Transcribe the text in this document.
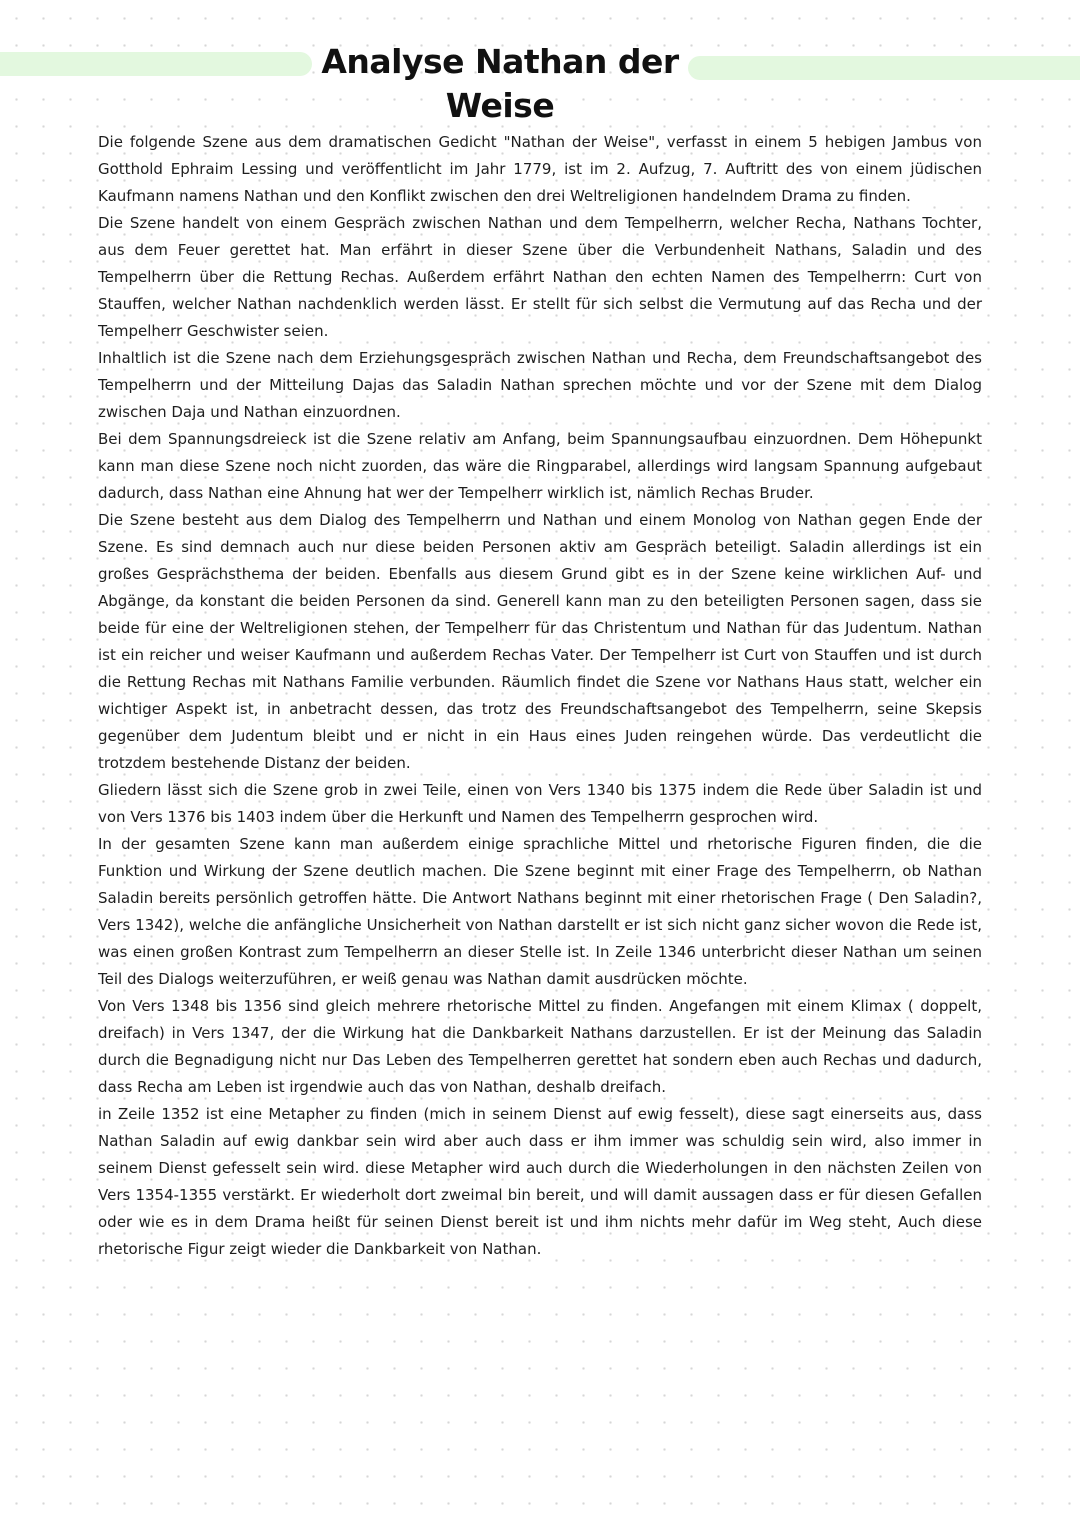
Analyse Nathan der Weise

Die folgende Szene aus dem dramatischen Gedicht "Nathan der Weise", verfasst in einem 5 hebigen Jambus von Gotthold Ephraim Lessing und veröffentlicht im Jahr 1779, ist im 2. Aufzug, 7. Auftritt des von einem jüdischen Kaufmann namens Nathan und den Konflikt zwischen den drei Weltreligionen handelndem Drama zu finden.

Die Szene handelt von einem Gespräch zwischen Nathan und dem Tempelherrn, welcher Recha, Nathans Tochter, aus dem Feuer gerettet hat. Man erfährt in dieser Szene über die Verbundenheit Nathans, Saladin und des Tempelherrn über die Rettung Rechas. Außerdem erfährt Nathan den echten Namen des Tempelherrn: Curt von Stauffen, welcher Nathan nachdenklich werden lässt. Er stellt für sich selbst die Vermutung auf das Recha und der Tempelherr Geschwister seien.

Inhaltlich ist die Szene nach dem Erziehungsgespräch zwischen Nathan und Recha, dem Freundschaftsangebot des Tempelherrn und der Mitteilung Dajas das Saladin Nathan sprechen möchte und vor der Szene mit dem Dialog zwischen Daja und Nathan einzuordnen.

Bei dem Spannungsdreieck ist die Szene relativ am Anfang, beim Spannungsaufbau einzuordnen. Dem Höhepunkt kann man diese Szene noch nicht zuorden, das wäre die Ringparabel, allerdings wird langsam Spannung aufgebaut dadurch, dass Nathan eine Ahnung hat wer der Tempelherr wirklich ist, nämlich Rechas Bruder.

Die Szene besteht aus dem Dialog des Tempelherrn und Nathan und einem Monolog von Nathan gegen Ende der Szene. Es sind demnach auch nur diese beiden Personen aktiv am Gespräch beteiligt. Saladin allerdings ist ein großes Gesprächsthema der beiden. Ebenfalls aus diesem Grund gibt es in der Szene keine wirklichen Auf- und Abgänge, da konstant die beiden Personen da sind. Generell kann man zu den beteiligten Personen sagen, dass sie beide für eine der Weltreligionen stehen, der Tempelherr für das Christentum und Nathan für das Judentum. Nathan ist ein reicher und weiser Kaufmann und außerdem Rechas Vater. Der Tempelherr ist Curt von Stauffen und ist durch die Rettung Rechas mit Nathans Familie verbunden. Räumlich findet die Szene vor Nathans Haus statt, welcher ein wichtiger Aspekt ist, in anbetracht dessen, das trotz des Freundschaftsangebot des Tempelherrn, seine Skepsis gegenüber dem Judentum bleibt und er nicht in ein Haus eines Juden reingehen würde. Das verdeutlicht die trotzdem bestehende Distanz der beiden.

Gliedern lässt sich die Szene grob in zwei Teile, einen von Vers 1340 bis 1375 indem die Rede über Saladin ist und von Vers 1376 bis 1403 indem über die Herkunft und Namen des Tempelherrn gesprochen wird.

In der gesamten Szene kann man außerdem einige sprachliche Mittel und rhetorische Figuren finden, die die Funktion und Wirkung der Szene deutlich machen. Die Szene beginnt mit einer Frage des Tempelherrn, ob Nathan Saladin bereits persönlich getroffen hätte. Die Antwort Nathans beginnt mit einer rhetorischen Frage ( Den Saladin?, Vers 1342), welche die anfängliche Unsicherheit von Nathan darstellt er ist sich nicht ganz sicher wovon die Rede ist, was einen großen Kontrast zum Tempelherrn an dieser Stelle ist. In Zeile 1346 unterbricht dieser Nathan um seinen Teil des Dialogs weiterzuführen, er weiß genau was Nathan damit ausdrücken möchte.

Von Vers 1348 bis 1356 sind gleich mehrere rhetorische Mittel zu finden. Angefangen mit einem Klimax ( doppelt, dreifach) in Vers 1347, der die Wirkung hat die Dankbarkeit Nathans darzustellen. Er ist der Meinung das Saladin durch die Begnadigung nicht nur Das Leben des Tempelherren gerettet hat sondern eben auch Rechas und dadurch, dass Recha am Leben ist irgendwie auch das von Nathan, deshalb dreifach.

in Zeile 1352 ist eine Metapher zu finden (mich in seinem Dienst auf ewig fesselt), diese sagt einerseits aus, dass Nathan Saladin auf ewig dankbar sein wird aber auch dass er ihm immer was schuldig sein wird, also immer in seinem Dienst gefesselt sein wird. diese Metapher wird auch durch die Wiederholungen in den nächsten Zeilen von Vers 1354-1355 verstärkt. Er wiederholt dort zweimal bin bereit, und will damit aussagen dass er für diesen Gefallen oder wie es in dem Drama heißt für seinen Dienst bereit ist und ihm nichts mehr dafür im Weg steht, Auch diese rhetorische Figur zeigt wieder die Dankbarkeit von Nathan.
